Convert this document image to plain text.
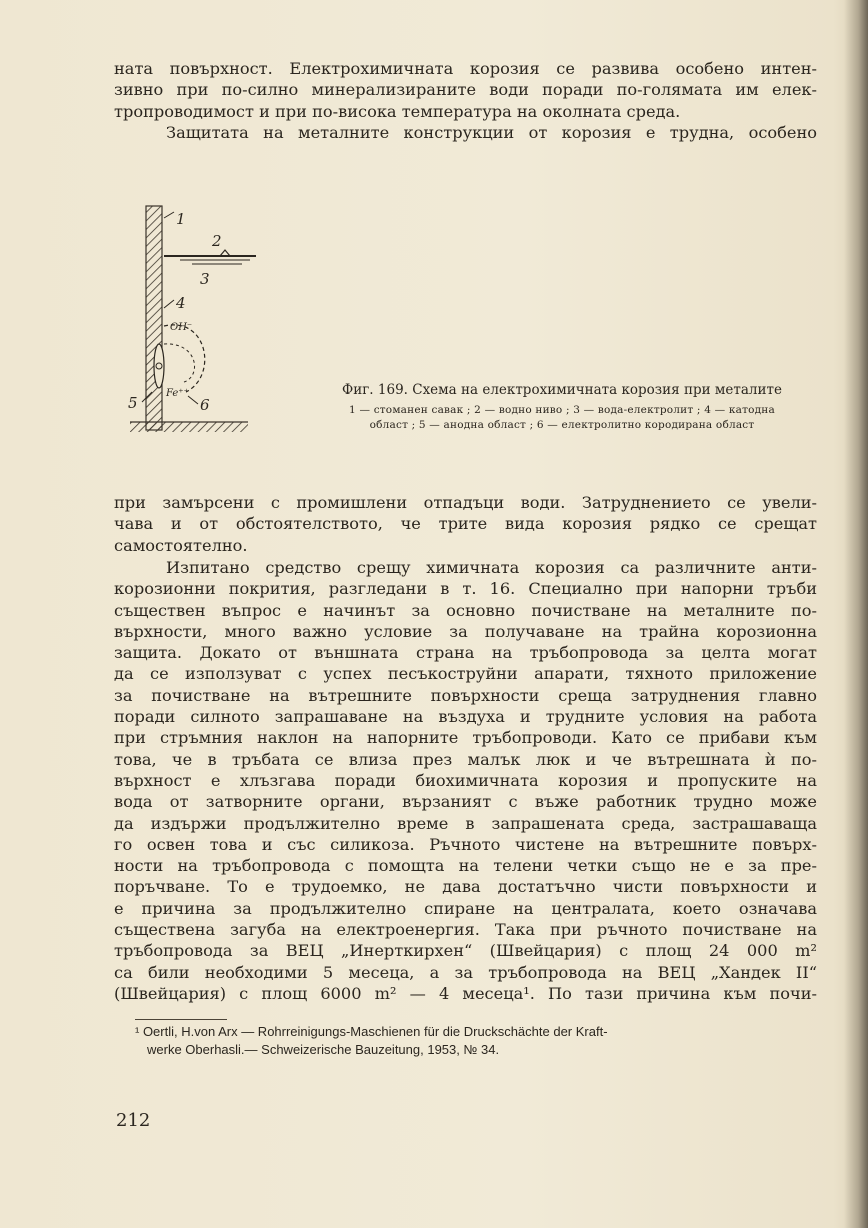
ната повърхност. Електрохимичната корозия се развива особено интен-
зивно при по-силно минерализираните води поради по-голямата им елек-
тропроводимост и при по-висока температура на околната среда.
Защитата на металните конструкции от корозия е трудна, особено
1
2
3
4
5	6
ОН⁻
Fe⁺⁺	Фиг. 169. Схема на електрохимичната корозия при металите
1 — стоманен савак ; 2 — водно ниво ; 3 — вода-електролит ; 4 — катодна
област ; 5 — анодна област ; 6 — електролитно кородирана област
при замърсени с промишлени отпадъци води. Затруднението се увели-
чава и от обстоятелството, че трите вида корозия рядко се срещат
самостоятелно.
Изпитано средство срещу химичната корозия са различните анти-
корозионни покрития, разгледани в т. 16. Специално при напорни тръби
съществен въпрос е начинът за основно почистване на металните по-
върхности, много важно условие за получаване на трайна корозионна
защита. Докато от външната страна на тръбопровода за целта могат
да се използуват с успех песъкоструйни апарати, тяхното приложение
за почистване на вътрешните повърхности среща затруднения главно
поради силното запрашаване на въздуха и трудните условия на работа
при стръмния наклон на напорните тръбопроводи. Като се прибави към
това, че в тръбата се влиза през малък люк и че вътрешната ѝ по-
върхност е хлъзгава поради биохимичната корозия и пропуските на
вода от затворните органи, вързаният с въже работник трудно може
да издържи продължително време в запрашената среда, застрашаваща
го освен това и със силикоза. Ръчното чистене на вътрешните повърх-
ности на тръбопровода с помощта на телени четки също не е за пре-
поръчване. То е трудоемко, не дава достатъчно чисти повърхности и
е причина за продължително спиране на централата, което означава
съществена загуба на електроенергия. Така при ръчното почистване на
тръбопровода за ВЕЦ „Инерткирхен“ (Швейцария) с площ 24 000 m²
са били необходими 5 месеца, а за тръбопровода на ВЕЦ „Хандек II“
(Швейцария) с площ 6000 m² — 4 месеца¹. По тази причина към почи-
¹ Oertli, H.von Arx — Rohrreinigungs-Maschienen für die Druckschächte der Kraft-
werke Oberhasli.— Schweizerische Bauzeitung, 1953, № 34.
212
